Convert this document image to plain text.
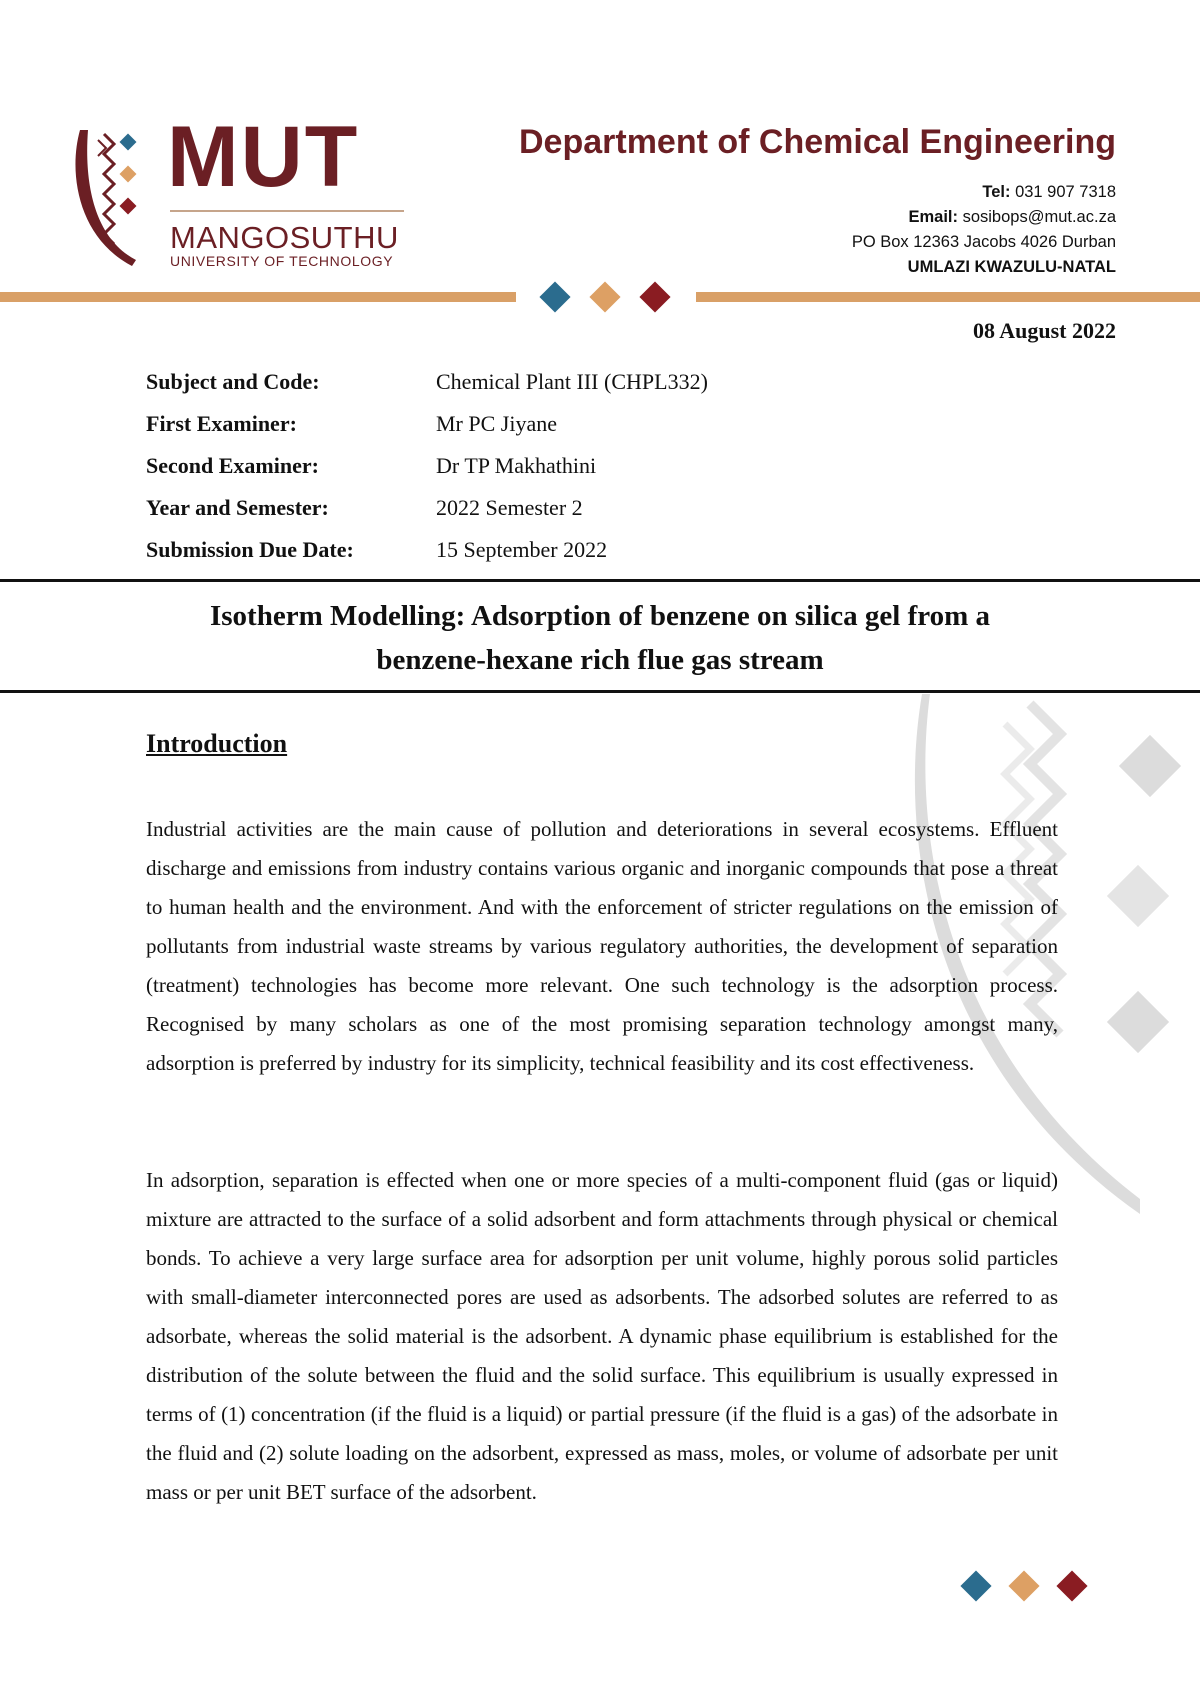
MUT
MANGOSUTHU
UNIVERSITY OF TECHNOLOGY
Department of Chemical Engineering
Tel: 031 907 7318
Email: sosibops@mut.ac.za
PO Box 12363 Jacobs 4026 Durban
UMLAZI KWAZULU-NATAL
08 August 2022
Subject and Code:	Chemical Plant III (CHPL332)
First Examiner:	Mr PC Jiyane
Second Examiner:	Dr TP Makhathini
Year and Semester:	2022 Semester 2
Submission Due Date:	15 September 2022
Isotherm Modelling: Adsorption of benzene on silica gel from a
benzene-hexane rich flue gas stream
Introduction

Industrial activities are the main cause of pollution and deteriorations in several ecosystems. Effluent discharge and emissions from industry contains various organic and inorganic compounds that pose a threat to human health and the environment. And with the enforcement of stricter regulations on the emission of pollutants from industrial waste streams by various regulatory authorities, the development of separation (treatment) technologies has become more relevant. One such technology is the adsorption process. Recognised by many scholars as one of the most promising separation technology amongst many, adsorption is preferred by industry for its simplicity, technical feasibility and its cost effectiveness.

In adsorption, separation is effected when one or more species of a multi-component fluid (gas or liquid) mixture are attracted to the surface of a solid adsorbent and form attachments through physical or chemical bonds. To achieve a very large surface area for adsorption per unit volume, highly porous solid particles with small-diameter interconnected pores are used as adsorbents. The adsorbed solutes are referred to as adsorbate, whereas the solid material is the adsorbent. A dynamic phase equilibrium is established for the distribution of the solute between the fluid and the solid surface. This equilibrium is usually expressed in terms of (1) concentration (if the fluid is a liquid) or partial pressure (if the fluid is a gas) of the adsorbate in the fluid and (2) solute loading on the adsorbent, expressed as mass, moles, or volume of adsorbate per unit mass or per unit BET surface of the adsorbent.
